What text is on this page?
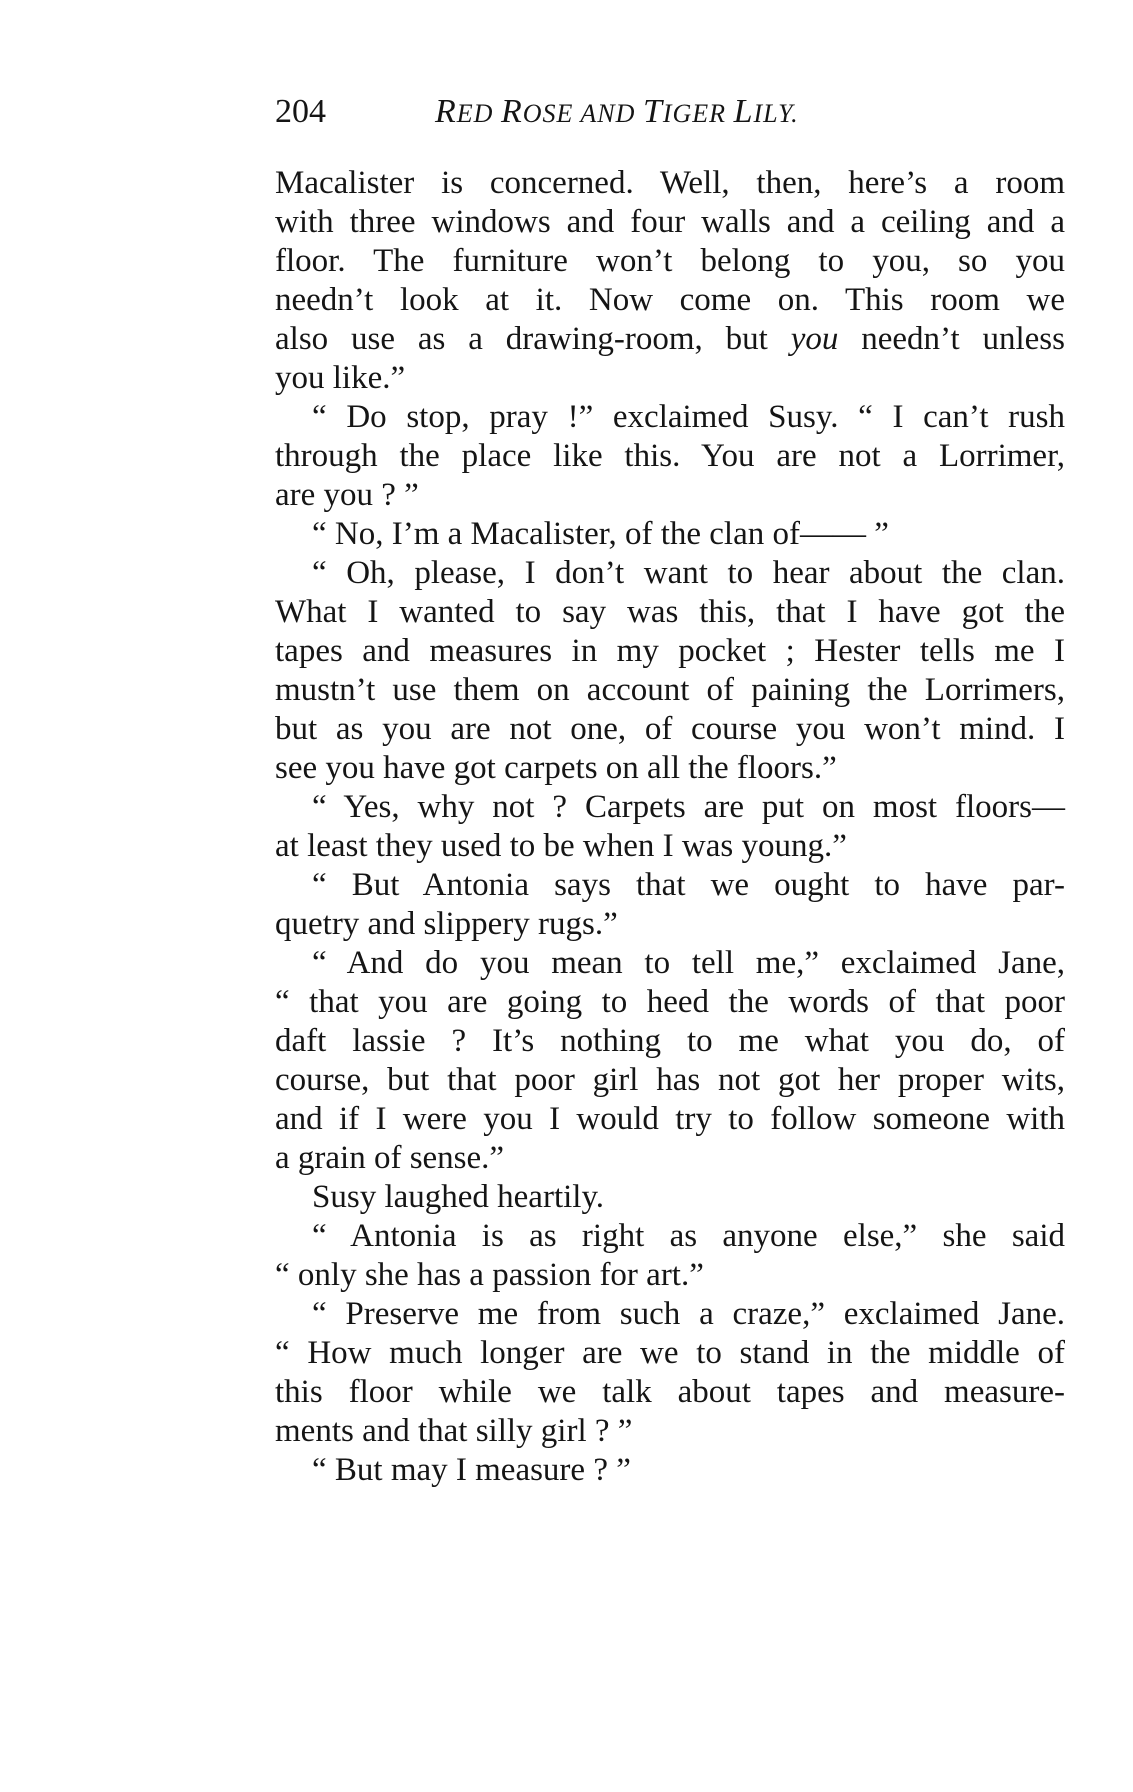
204	RED ROSE AND TIGER LILY.
Macalister is concerned. Well, then, here’s a room
with three windows and four walls and a ceiling and a
floor. The furniture won’t belong to you, so you
needn’t look at it. Now come on. This room we
also use as a drawing-room, but you needn’t unless
you like.”
“ Do stop, pray !” exclaimed Susy. “ I can’t rush
through the place like this. You are not a Lorrimer,
are you ? ”
“ No, I’m a Macalister, of the clan of—— ”
“ Oh, please, I don’t want to hear about the clan.
What I wanted to say was this, that I have got the
tapes and measures in my pocket ; Hester tells me I
mustn’t use them on account of paining the Lorrimers,
but as you are not one, of course you won’t mind. I
see you have got carpets on all the floors.”
“ Yes, why not ? Carpets are put on most floors—
at least they used to be when I was young.”
“ But Antonia says that we ought to have par-
quetry and slippery rugs.”
“ And do you mean to tell me,” exclaimed Jane,
“ that you are going to heed the words of that poor
daft lassie ? It’s nothing to me what you do, of
course, but that poor girl has not got her proper wits,
and if I were you I would try to follow someone with
a grain of sense.”
Susy laughed heartily.
“ Antonia is as right as anyone else,” she said
“ only she has a passion for art.”
“ Preserve me from such a craze,” exclaimed Jane.
“ How much longer are we to stand in the middle of
this floor while we talk about tapes and measure-
ments and that silly girl ? ”
“ But may I measure ? ”
